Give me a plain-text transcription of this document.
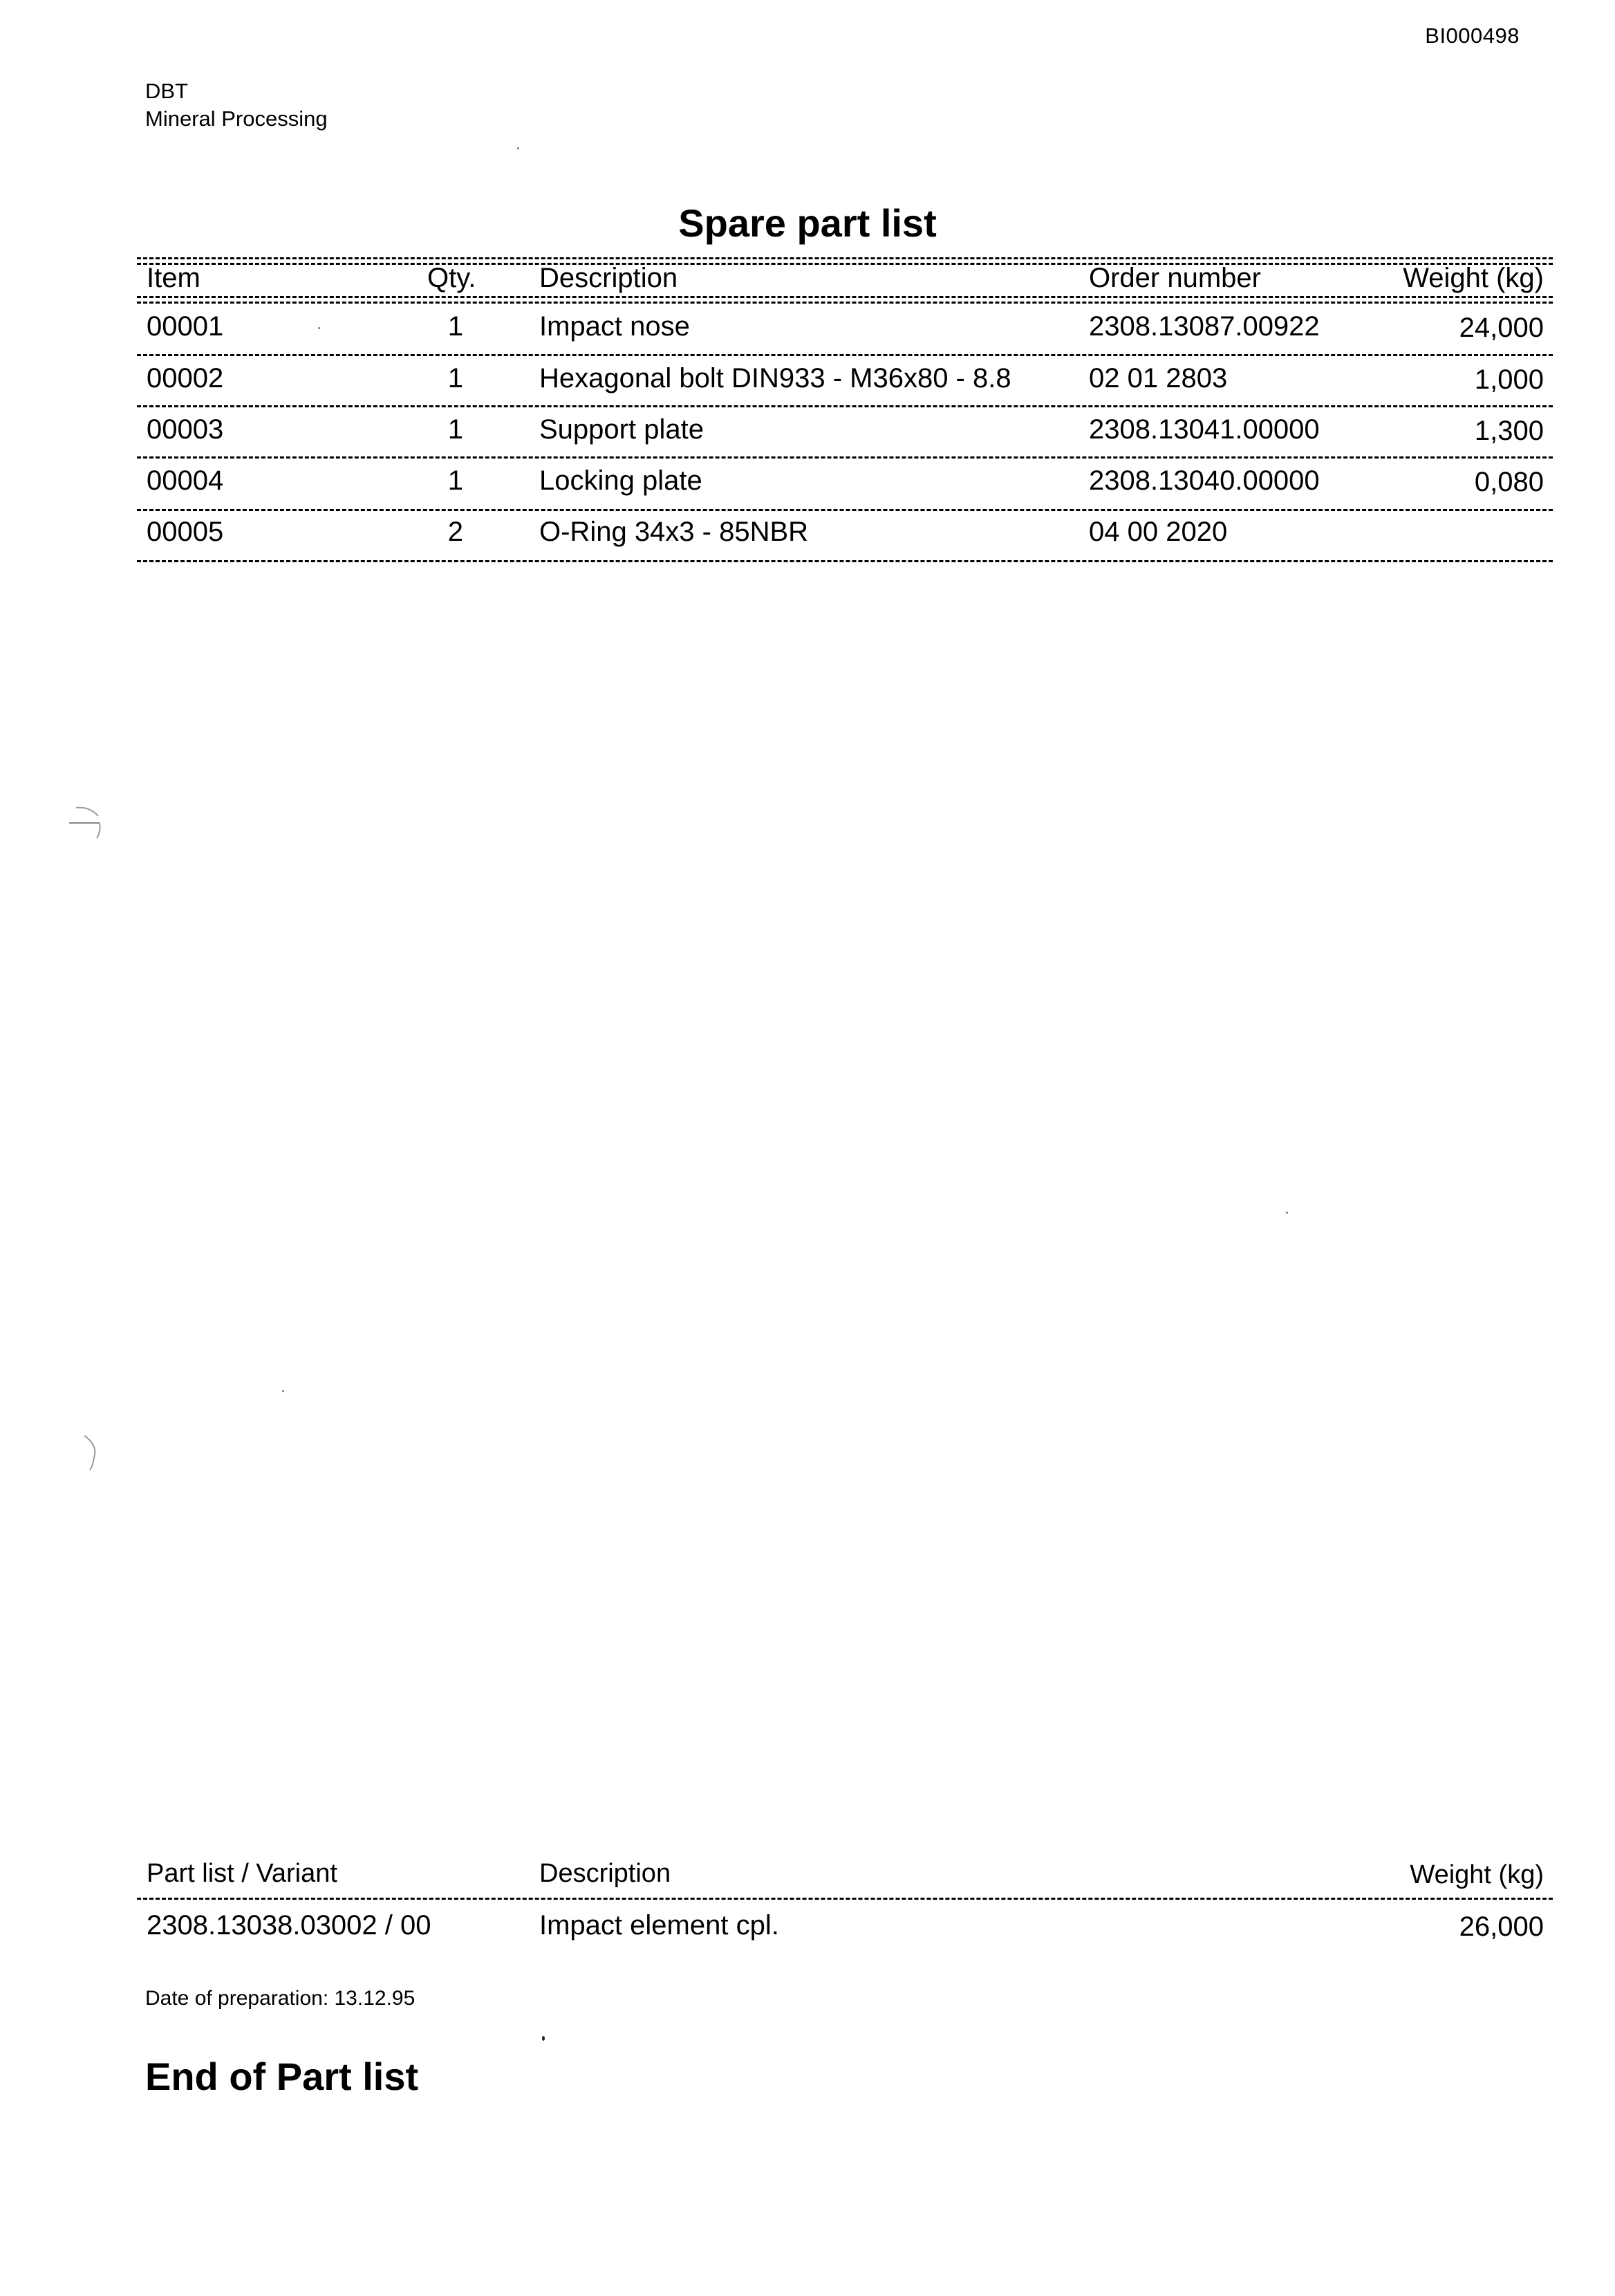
BI000498
DBT
Mineral Processing
Spare part list
Item	Qty. Description	Order number	Weight (kg)
00001	1	Impact nose	2308.13087.00922	24,000
00002	1	Hexagonal bolt DIN933 - M36x80 - 8.8	02 01 2803	1,000
00003	1	Support plate	2308.13041.00000	1,300
00004	1	Locking plate	2308.13040.00000	0,080
00005	2	O-Ring 34x3 - 85NBR	04 00 2020
Part list / Variant	Description	Weight (kg)
2308.13038.03002 / 00	Impact element cpl.	26,000
Date of preparation: 13.12.95
End of Part list
